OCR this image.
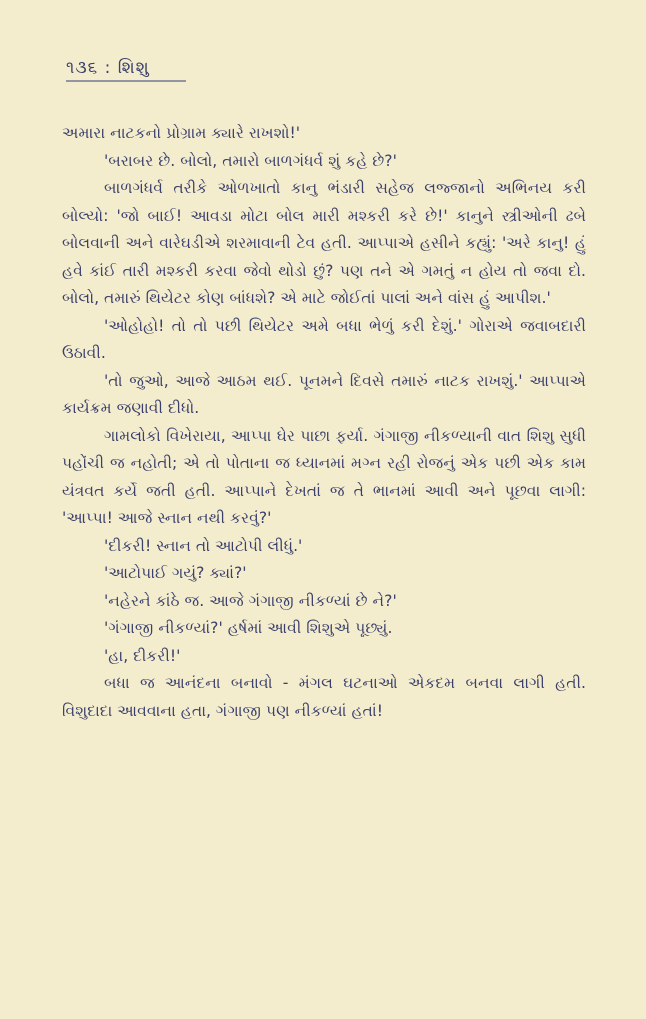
૧૩૬ : શિશુ

અમારા નાટકનો પ્રોગ્રામ ક્યારે રાખશો!'

'બરાબર છે. બોલો, તમારો બાળગંધર્વ શું કહે છે?'

બાળગંધર્વ તરીકે ઓળખાતો કાનુ ભંડારી સહેજ લજ્જાનો અભિનય કરી બોલ્યો: 'જો બાઈ! આવડા મોટા બોલ મારી મશ્કરી કરે છે!' કાનુને સ્ત્રીઓની ઢબે બોલવાની અને વારેઘડીએ શરમાવાની ટેવ હતી. આપ્પાએ હસીને કહ્યું: 'અરે કાનુ! હું હવે કાંઈ તારી મશ્કરી કરવા જેવો થોડો છું? પણ તને એ ગમતું ન હોય તો જવા દો. બોલો, તમારું થિયેટર કોણ બાંધશે? એ માટે જોઈતાં પાલાં અને વાંસ હું આપીશ.'

'ઓહોહો! તો તો પછી થિયેટર અમે બધા ભેળું કરી દેશું.' ગોરાએ જવાબદારી ઉઠાવી.

'તો જુઓ, આજે આઠમ થઈ. પૂનમને દિવસે તમારું નાટક રાખશું.' આપ્પાએ કાર્યક્રમ જણાવી દીધો.

ગામલોકો વિખેરાયા, આપ્પા ઘેર પાછા ફર્યા. ગંગાજી નીકળ્યાની વાત શિશુ સુધી પહોંચી જ નહોતી; એ તો પોતાના જ ધ્યાનમાં મગ્ન રહી રોજનું એક પછી એક કામ યંત્રવત કર્યે જતી હતી. આપ્પાને દેખતાં જ તે ભાનમાં આવી અને પૂછવા લાગી: 'આપ્પા! આજે સ્નાન નથી કરવું?'

'દીકરી! સ્નાન તો આટોપી લીધું.'

'આટોપાઈ ગયું? ક્યાં?'

'નહેરને કાંઠે જ. આજે ગંગાજી નીકળ્યાં છે ને?'

'ગંગાજી નીકળ્યાં?' હર્ષમાં આવી શિશુએ પૂછ્યું.

'હા, દીકરી!'

બધા જ આનંદના બનાવો - મંગલ ઘટનાઓ એકદમ બનવા લાગી હતી. વિશુદાદા આવવાના હતા, ગંગાજી પણ નીકળ્યાં હતાં!
